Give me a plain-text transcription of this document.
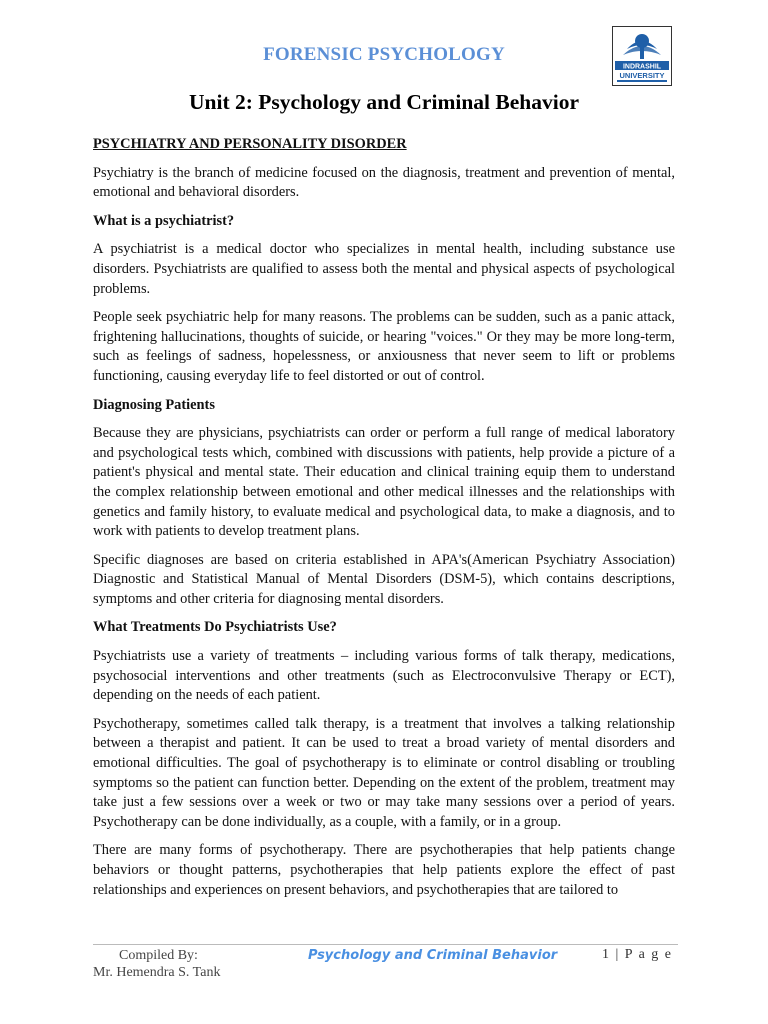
FORENSIC PSYCHOLOGY
INDRASHIL
UNIVERSITY
Unit 2: Psychology and Criminal Behavior
PSYCHIATRY AND PERSONALITY DISORDER

Psychiatry is the branch of medicine focused on the diagnosis, treatment and prevention of mental, emotional and behavioral disorders.

What is a psychiatrist?

A psychiatrist is a medical doctor who specializes in mental health, including substance use disorders. Psychiatrists are qualified to assess both the mental and physical aspects of psychological problems.

People seek psychiatric help for many reasons. The problems can be sudden, such as a panic attack, frightening hallucinations, thoughts of suicide, or hearing "voices." Or they may be more long-term, such as feelings of sadness, hopelessness, or anxiousness that never seem to lift or problems functioning, causing everyday life to feel distorted or out of control.

Diagnosing Patients

Because they are physicians, psychiatrists can order or perform a full range of medical laboratory and psychological tests which, combined with discussions with patients, help provide a picture of a patient's physical and mental state. Their education and clinical training equip them to understand the complex relationship between emotional and other medical illnesses and the relationships with genetics and family history, to evaluate medical and psychological data, to make a diagnosis, and to work with patients to develop treatment plans.

Specific diagnoses are based on criteria established in APA's(American Psychiatry Association) Diagnostic and Statistical Manual of Mental Disorders (DSM-5), which contains descriptions, symptoms and other criteria for diagnosing mental disorders.

What Treatments Do Psychiatrists Use?

Psychiatrists use a variety of treatments – including various forms of talk therapy, medications, psychosocial interventions and other treatments (such as Electroconvulsive Therapy or ECT), depending on the needs of each patient.

Psychotherapy, sometimes called talk therapy, is a treatment that involves a talking relationship between a therapist and patient. It can be used to treat a broad variety of mental disorders and emotional difficulties. The goal of psychotherapy is to eliminate or control disabling or troubling symptoms so the patient can function better. Depending on the extent of the problem, treatment may take just a few sessions over a week or two or may take many sessions over a period of years. Psychotherapy can be done individually, as a couple, with a family, or in a group.

There are many forms of psychotherapy. There are psychotherapies that help patients change behaviors or thought patterns, psychotherapies that help patients explore the effect of past relationships and experiences on present behaviors, and psychotherapies that are tailored to

Compiled By:
Mr. Hemendra S. Tank
Psychology and Criminal Behavior	1 | P a g e
